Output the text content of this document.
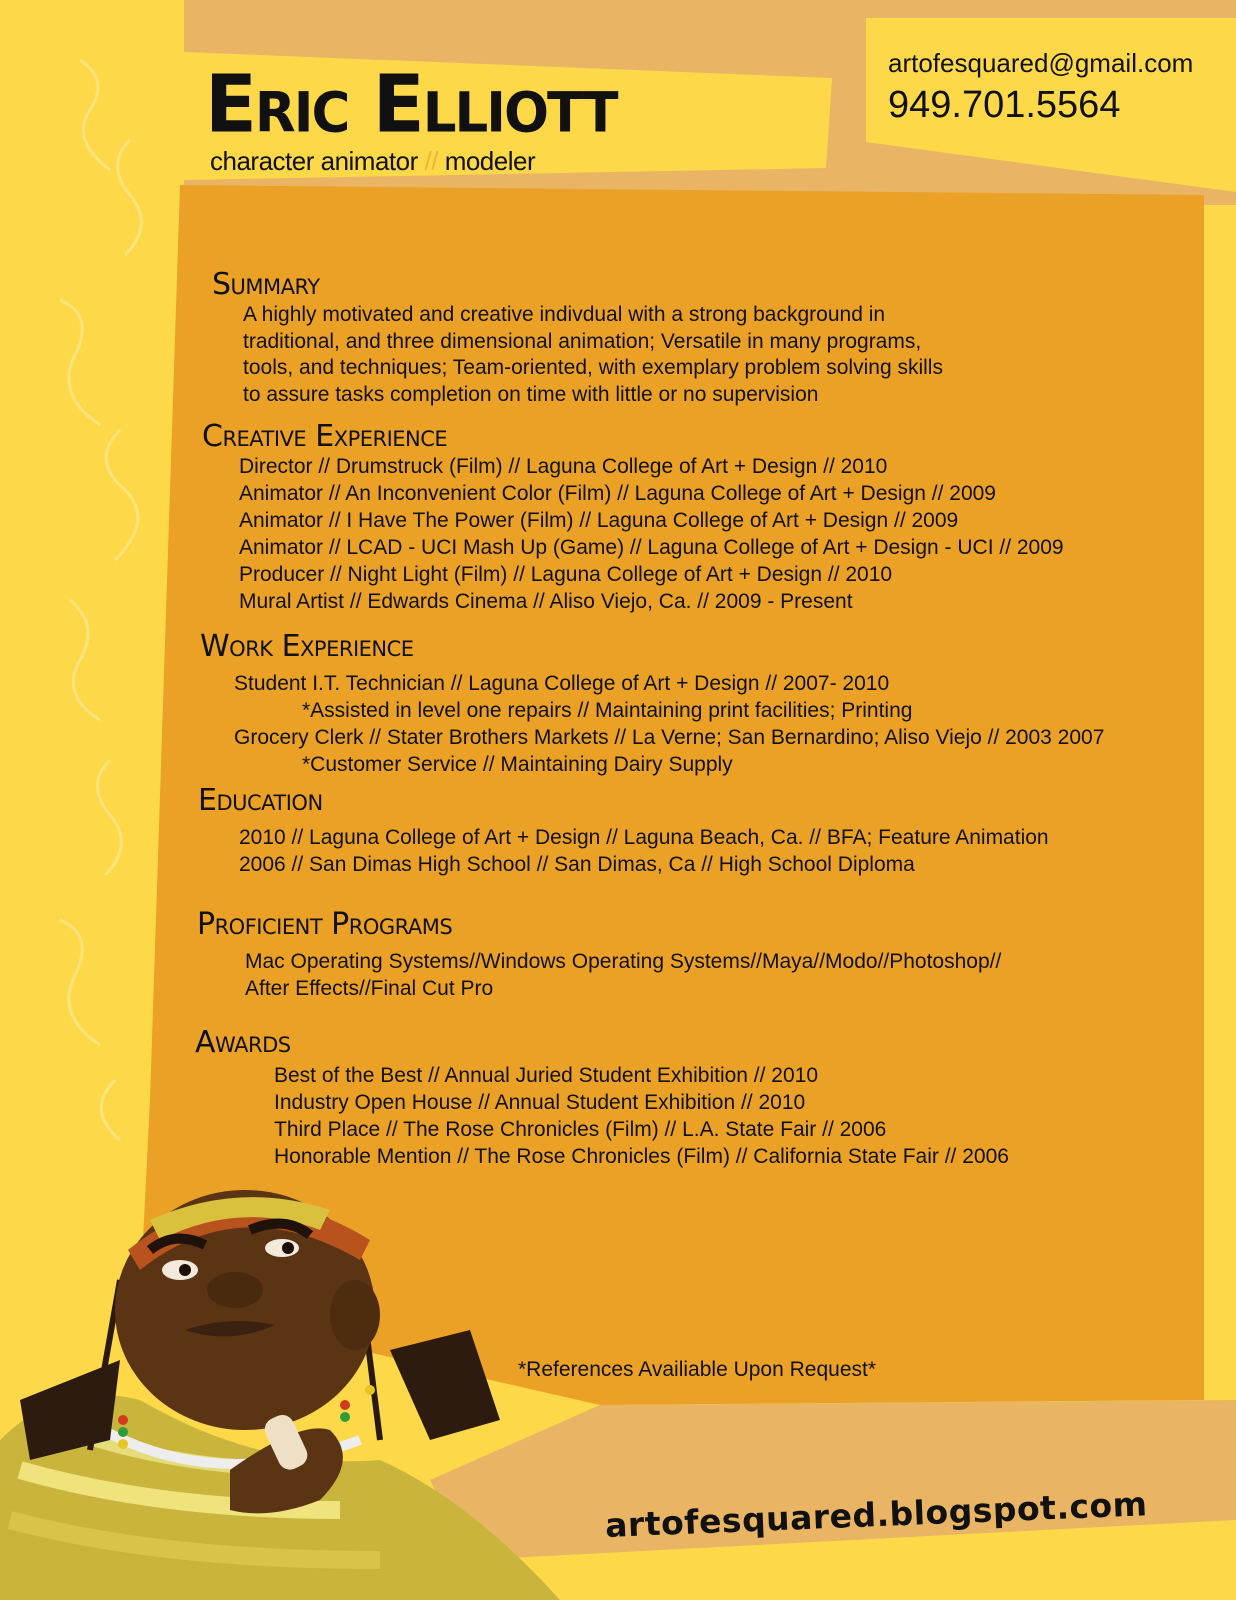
Eric Elliott
character animator // modeler
artofesquared@gmail.com
949.701.5564
Summary
A highly motivated and creative indivdual with a strong background in
traditional, and three dimensional animation; Versatile in many programs,
tools, and techniques; Team-oriented, with exemplary problem solving skills
to assure tasks completion on time with little or no supervision
Creative Experience
Director // Drumstruck (Film) // Laguna College of Art + Design // 2010
Animator // An Inconvenient Color (Film) // Laguna College of Art + Design // 2009
Animator // I Have The Power (Film) // Laguna College of Art + Design // 2009
Animator // LCAD - UCI Mash Up (Game) // Laguna College of Art + Design - UCI // 2009
Producer // Night Light (Film) // Laguna College of Art + Design // 2010
Mural Artist // Edwards Cinema // Aliso Viejo, Ca. // 2009 - Present
Work Experience
Student I.T. Technician // Laguna College of Art + Design // 2007- 2010
*Assisted in level one repairs // Maintaining print facilities; Printing
Grocery Clerk // Stater Brothers Markets // La Verne; San Bernardino; Aliso Viejo // 2003 2007
*Customer Service // Maintaining Dairy Supply
Education
2010 // Laguna College of Art + Design // Laguna Beach, Ca. // BFA; Feature Animation
2006 // San Dimas High School // San Dimas, Ca // High School Diploma
Proficient Programs
Mac Operating Systems//Windows Operating Systems//Maya//Modo//Photoshop//
After Effects//Final Cut Pro
Awards
Best of the Best // Annual Juried Student Exhibition // 2010
Industry Open House // Annual Student Exhibition // 2010
Third Place // The Rose Chronicles (Film) // L.A. State Fair // 2006
Honorable Mention // The Rose Chronicles (Film) // California State Fair // 2006
*References Availiable Upon Request*
artofesquared.blogspot.com
